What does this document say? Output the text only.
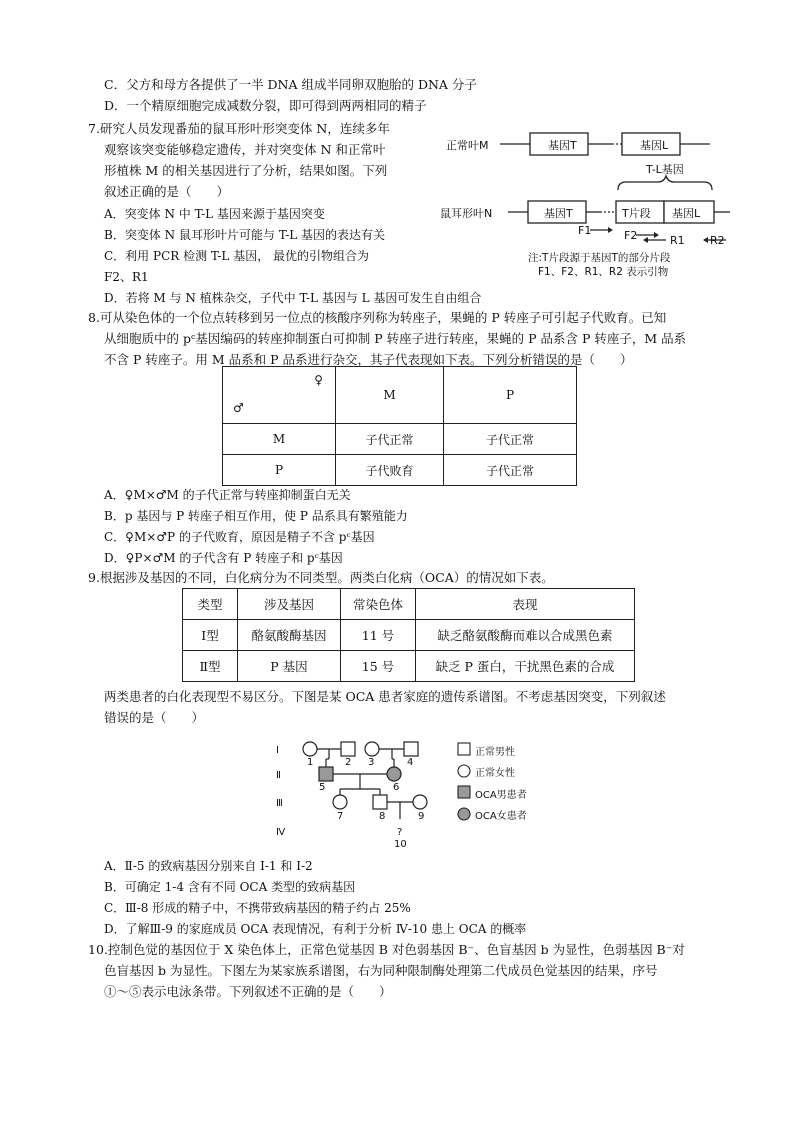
C．父方和母方各提供了一半 DNA 组成半同卵双胞胎的 DNA 分子
D．一个精原细胞完成减数分裂，即可得到两两相同的精子
7.研究人员发现番茄的鼠耳形叶形突变体 N，连续多年
观察该突变能够稳定遗传，并对突变体 N 和正常叶
形植株 M 的相关基因进行了分析，结果如图。下列
叙述正确的是（　　）
A．突变体 N 中 T-L 基因来源于基因突变
B．突变体 N 鼠耳形叶片可能与 T-L 基因的表达有关
C．利用 PCR 检测 T-L 基因， 最优的引物组合为
F2、R1
D．若将 M 与 N 植株杂交，子代中 T-L 基因与 L 基因可发生自由组合
正常叶M	基因T	基因L
T-L基因
鼠耳形叶N	基因T	T片段 基因L
F1	F2	R1 R2
注:T片段源于基因T的部分片段
F1、F2、R1、R2 表示引物
8.可从染色体的一个位点转移到另一位点的核酸序列称为转座子，果蝇的 P 转座子可引起子代败育。已知
从细胞质中的 pᶜ基因编码的转座抑制蛋白可抑制 P 转座子进行转座，果蝇的 P 品系含 P 转座子，M 品系
不含 P 转座子。用 M 品系和 P 品系进行杂交，其子代表现如下表。下列分析错误的是（　　）
♀
♂	M	P
M	子代正常	子代正常
P	子代败育	子代正常
A．♀M×♂M 的子代正常与转座抑制蛋白无关
B．p 基因与 P 转座子相互作用，使 P 品系具有繁殖能力
C．♀M×♂P 的子代败育，原因是精子不含 pᶜ基因
D．♀P×♂M 的子代含有 P 转座子和 pᶜ基因
9.根据涉及基因的不同，白化病分为不同类型。两类白化病（OCA）的情况如下表。
类型	涉及基因	常染色体	表现
Ⅰ型	酪氨酸酶基因	11 号	缺乏酪氨酸酶而难以合成黑色素
Ⅱ型	P 基因	15 号	缺乏 P 蛋白，干扰黑色素的合成
两类患者的白化表现型不易区分。下图是某 OCA 患者家庭的遗传系谱图。不考虑基因突变，下列叙述
错误的是（　　）
Ⅰ
Ⅱ
Ⅲ
Ⅳ
1	2 3	4
5	6
7	8	9
?
10
正常男性
正常女性
OCA男患者
OCA女患者
A．Ⅱ-5 的致病基因分别来自 I-1 和 I-2
B．可确定 1-4 含有不同 OCA 类型的致病基因
C．Ⅲ-8 形成的精子中，不携带致病基因的精子约占 25%
D．了解Ⅲ-9 的家庭成员 OCA 表现情况，有利于分析 Ⅳ-10 患上 OCA 的概率
10.控制色觉的基因位于 X 染色体上，正常色觉基因 B 对色弱基因 B⁻、色盲基因 b 为显性，色弱基因 B⁻对
色盲基因 b 为显性。下图左为某家族系谱图，右为同种限制酶处理第二代成员色觉基因的结果，序号
①～⑤表示电泳条带。下列叙述不正确的是（　　）
